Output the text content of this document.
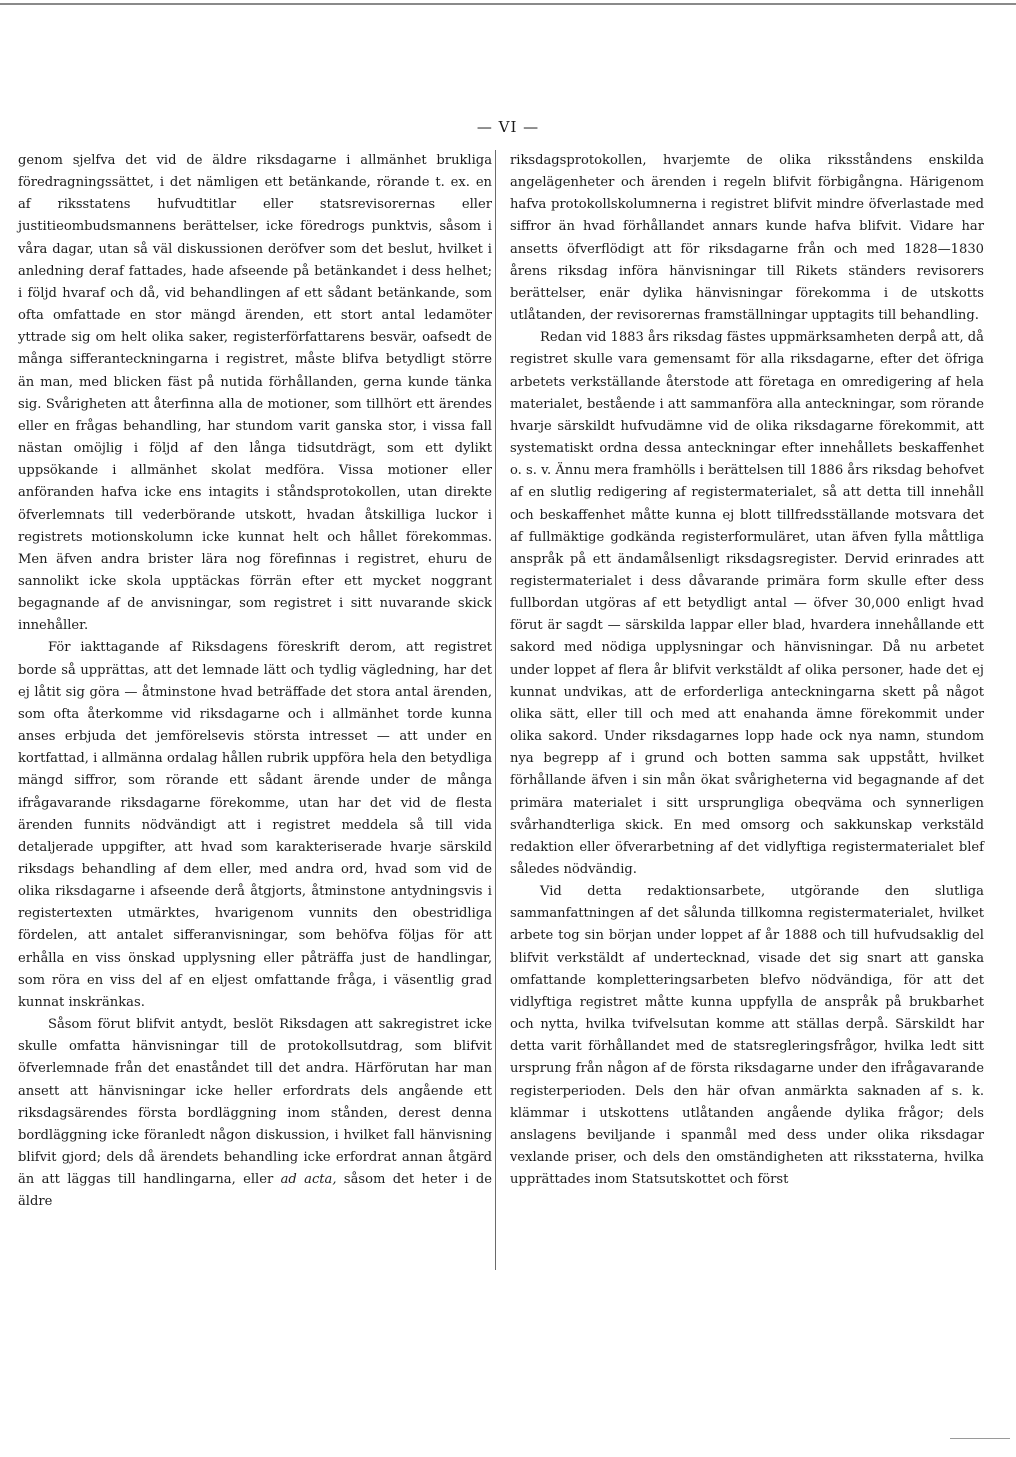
— VI —

genom sjelfva det vid de äldre riksdagarne i allmänhet brukliga föredragningssättet, i det nämligen ett betänkande, rörande t. ex. en af riksstatens hufvudtitlar eller statsrevisorernas eller justitieombudsmannens berättelser, icke föredrogs punktvis, såsom i våra dagar, utan så väl diskussionen deröfver som det beslut, hvilket i anledning deraf fattades, hade afseende på betänkandet i dess helhet; i följd hvaraf och då, vid behandlingen af ett sådant betänkande, som ofta omfattade en stor mängd ärenden, ett stort antal ledamöter yttrade sig om helt olika saker, registerförfattarens besvär, oafsedt de många sifferanteckningarna i registret, måste blifva betydligt större än man, med blicken fäst på nutida förhållanden, gerna kunde tänka sig. Svårigheten att återfinna alla de motioner, som tillhört ett ärendes eller en frågas behandling, har stundom varit ganska stor, i vissa fall nästan omöjlig i följd af den långa tidsutdrägt, som ett dylikt uppsökande i allmänhet skolat medföra. Vissa motioner eller anföranden hafva icke ens intagits i ståndsprotokollen, utan direkte öfverlemnats till vederbörande utskott, hvadan åtskilliga luckor i registrets motionskolumn icke kunnat helt och hållet förekommas. Men äfven andra brister lära nog förefinnas i registret, ehuru de sannolikt icke skola upptäckas förrän efter ett mycket noggrant begagnande af de anvisningar, som registret i sitt nuvarande skick innehåller.

För iakttagande af Riksdagens föreskrift derom, att registret borde så upprättas, att det lemnade lätt och tydlig vägledning, har det ej låtit sig göra — åtminstone hvad beträffade det stora antal ärenden, som ofta återkomme vid riksdagarne och i allmänhet torde kunna anses erbjuda det jemförelsevis största intresset — att under en kortfattad, i allmänna ordalag hållen rubrik uppföra hela den betydliga mängd siffror, som rörande ett sådant ärende under de många ifrågavarande riksdagarne förekomme, utan har det vid de flesta ärenden funnits nödvändigt att i registret meddela så till vida detaljerade uppgifter, att hvad som karakteriserade hvarje särskild riksdags behandling af dem eller, med andra ord, hvad som vid de olika riksdagarne i afseende derå åtgjorts, åtminstone antydningsvis i registertexten utmärktes, hvarigenom vunnits den obestridliga fördelen, att antalet sifferanvisningar, som behöfva följas för att erhålla en viss önskad upplysning eller påträffa just de handlingar, som röra en viss del af en eljest omfattande fråga, i väsentlig grad kunnat inskränkas.

Såsom förut blifvit antydt, beslöt Riksdagen att sakregistret icke skulle omfatta hänvisningar till de protokollsutdrag, som blifvit öfverlemnade från det enaståndet till det andra. Härförutan har man ansett att hänvisningar icke heller erfordrats dels angående ett riksdagsärendes första bordläggning inom stånden, derest denna bordläggning icke föranledt någon diskussion, i hvilket fall hänvisning blifvit gjord; dels då ärendets behandling icke erfordrat annan åtgärd än att läggas till handlingarna, eller ad acta, såsom det heter i de äldre

riksdagsprotokollen, hvarjemte de olika riksståndens enskilda angelägenheter och ärenden i regeln blifvit förbigångna. Härigenom hafva protokollskolumnerna i registret blifvit mindre öfverlastade med siffror än hvad förhållandet annars kunde hafva blifvit. Vidare har ansetts öfverflödigt att för riksdagarne från och med 1828—1830 årens riksdag införa hänvisningar till Rikets ständers revisorers berättelser, enär dylika hänvisningar förekomma i de utskotts utlåtanden, der revisorernas framställningar upptagits till behandling.

Redan vid 1883 års riksdag fästes uppmärksamheten derpå att, då registret skulle vara gemensamt för alla riksdagarne, efter det öfriga arbetets verkställande återstode att företaga en omredigering af hela materialet, bestående i att sammanföra alla anteckningar, som rörande hvarje särskildt hufvudämne vid de olika riksdagarne förekommit, att systematiskt ordna dessa anteckningar efter innehållets beskaffenhet o. s. v. Ännu mera framhölls i berättelsen till 1886 års riksdag behofvet af en slutlig redigering af registermaterialet, så att detta till innehåll och beskaffenhet måtte kunna ej blott tillfredsställande motsvara det af fullmäktige godkända registerformuläret, utan äfven fylla måttliga anspråk på ett ändamålsenligt riksdagsregister. Dervid erinrades att registermaterialet i dess dåvarande primära form skulle efter dess fullbordan utgöras af ett betydligt antal — öfver 30,000 enligt hvad förut är sagdt — särskilda lappar eller blad, hvardera innehållande ett sakord med nödiga upplysningar och hänvisningar. Då nu arbetet under loppet af flera år blifvit verkstäldt af olika personer, hade det ej kunnat undvikas, att de erforderliga anteckningarna skett på något olika sätt, eller till och med att enahanda ämne förekommit under olika sakord. Under riksdagarnes lopp hade ock nya namn, stundom nya begrepp af i grund och botten samma sak uppstått, hvilket förhållande äfven i sin mån ökat svårigheterna vid begagnande af det primära materialet i sitt ursprungliga obeqväma och synnerligen svårhandterliga skick. En med omsorg och sakkunskap verkstäld redaktion eller öfverarbetning af det vidlyftiga registermaterialet blef således nödvändig.

Vid detta redaktionsarbete, utgörande den slutliga sammanfattningen af det sålunda tillkomna registermaterialet, hvilket arbete tog sin början under loppet af år 1888 och till hufvudsaklig del blifvit verkstäldt af undertecknad, visade det sig snart att ganska omfattande kompletteringsarbeten blefvo nödvändiga, för att det vidlyftiga registret måtte kunna uppfylla de anspråk på brukbarhet och nytta, hvilka tvifvelsutan komme att ställas derpå. Särskildt har detta varit förhållandet med de statsregleringsfrågor, hvilka ledt sitt ursprung från någon af de första riksdagarne under den ifrågavarande registerperioden. Dels den här ofvan anmärkta saknaden af s. k. klämmar i utskottens utlåtanden angående dylika frågor; dels anslagens beviljande i spanmål med dess under olika riksdagar vexlande priser, och dels den omständigheten att riksstaterna, hvilka upprättades inom Statsutskottet och först
